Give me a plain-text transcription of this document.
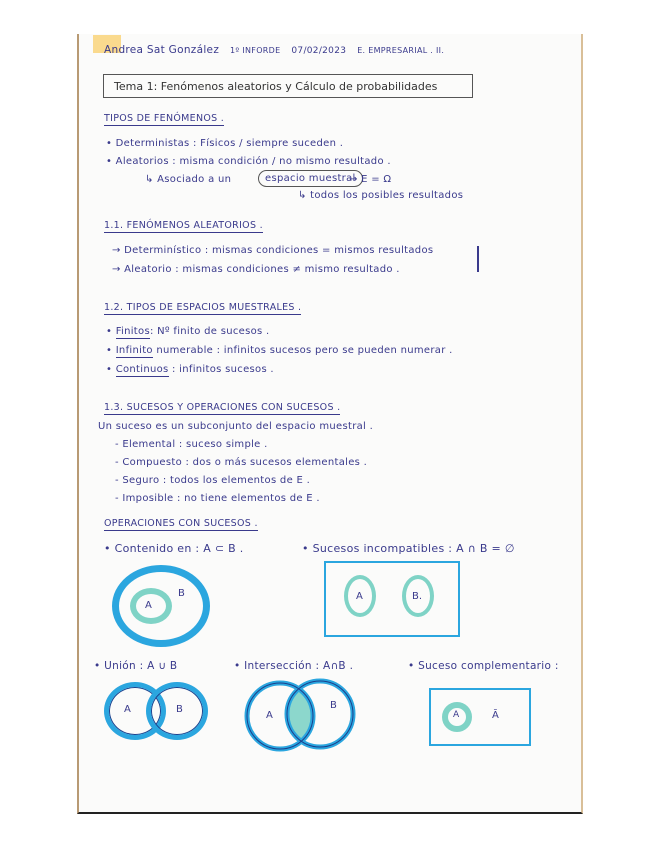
Andrea Sat González 1º INFORDE 07/02/2023 E. EMPRESARIAL . II.
Tema 1: Fenómenos aleatorios y Cálculo de probabilidades
TIPOS DE FENÓMENOS .
• Deterministas : Físicos / siempre suceden .
• Aleatorios : misma condición / no mismo resultado .
↳ Asociado a un	espacio muestral
→ E = Ω
↳ todos los posibles resultados
1.1. FENÓMENOS ALEATORIOS .
→ Determinístico : mismas condiciones = mismos resultados
→ Aleatorio : mismas condiciones ≠ mismo resultado .
1.2. TIPOS DE ESPACIOS MUESTRALES .
• Finitos: Nº finito de sucesos .
• Infinito numerable : infinitos sucesos pero se pueden numerar .
• Continuos : infinitos sucesos .
1.3. SUCESOS Y OPERACIONES CON SUCESOS .
Un suceso es un subconjunto del espacio muestral .
- Elemental : suceso simple .
- Compuesto : dos o más sucesos elementales .
- Seguro : todos los elementos de E .
- Imposible : no tiene elementos de E .
OPERACIONES CON SUCESOS .
• Contenido en : A ⊂ B .	• Sucesos incompatibles : A ∩ B = ∅
A
B	A	B.
• Unión : A ∪ B	• Intersección : A∩B .	• Suceso complementario :
A	B
A
B
A	Ā
